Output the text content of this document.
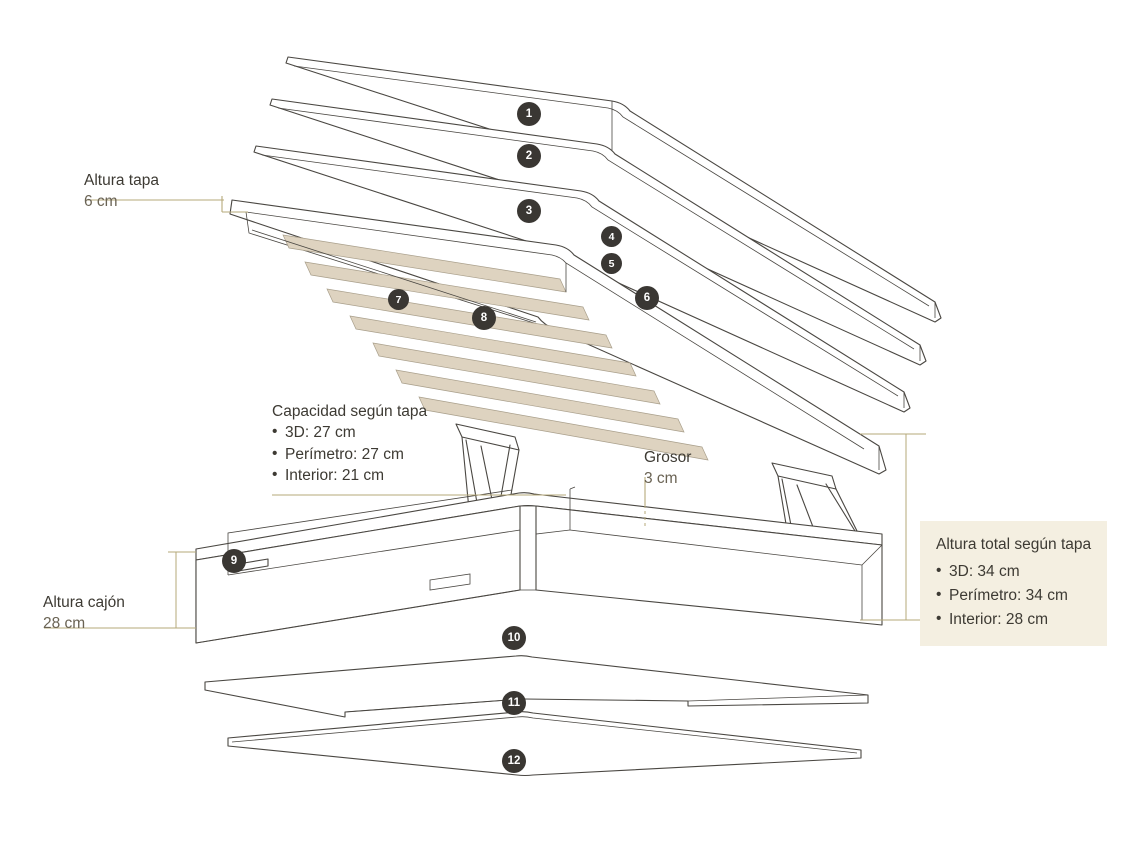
1
2
3
4
5
6
7
8
9
10
11
12
Altura tapa
6 cm
Altura cajón
28 cm
Grosor
3 cm
Capacidad según tapa
• 3D: 27 cm
• Perímetro: 27 cm
• Interior: 21 cm
Altura total según tapa
• 3D: 34 cm
• Perímetro: 34 cm
• Interior: 28 cm
